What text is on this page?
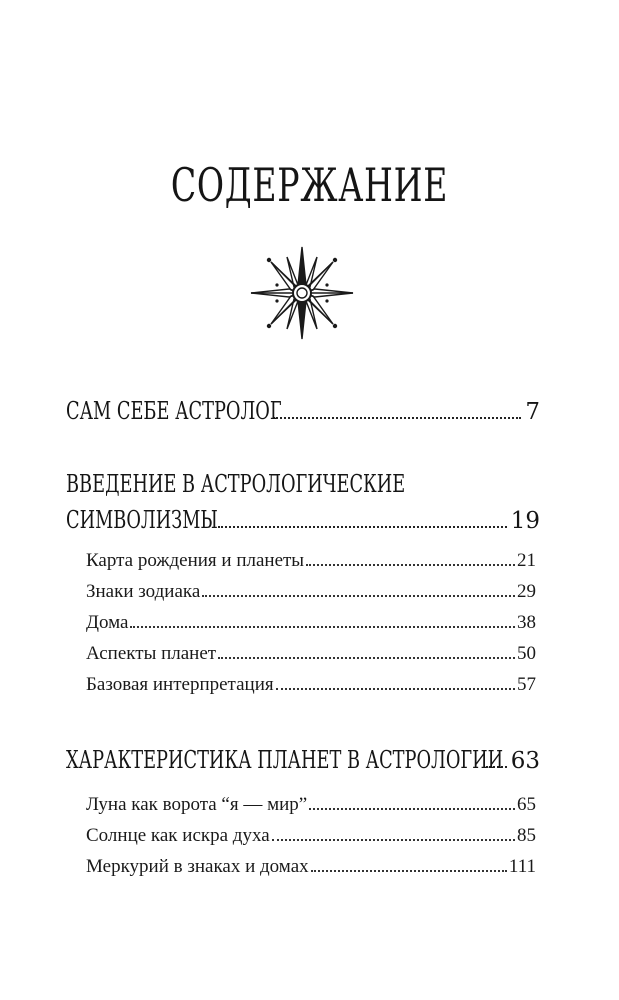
СОДЕРЖАНИЕ
САМ СЕБЕ АСТРОЛОГ	7
ВВЕДЕНИЕ В АСТРОЛОГИЧЕСКИЕ
СИМВОЛИЗМЫ	19
Карта рождения и планеты	21
Знаки зодиака	29
Дома	38
Аспекты планет	50
Базовая интерпретация	57
ХАРАКТЕРИСТИКА ПЛАНЕТ В АСТРОЛОГИИ 63
Луна как ворота “я — мир”	65
Солнце как искра духа	85
Меркурий в знаках и домах	111
